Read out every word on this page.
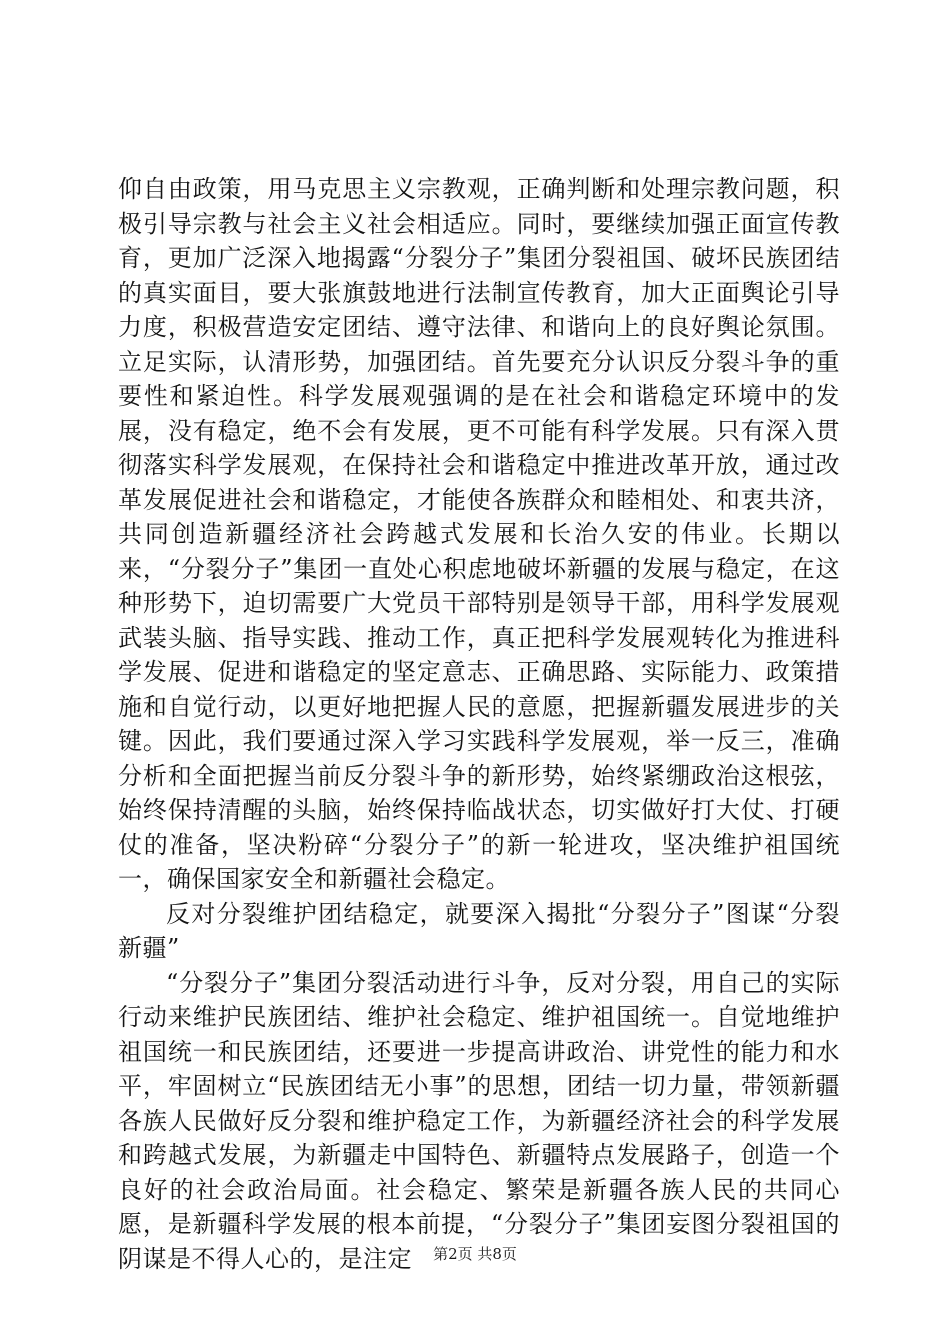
仰自由政策，用马克思主义宗教观，正确判断和处理宗教问题，积极引导宗教与社会主义社会相适应。同时，要继续加强正面宣传教育，更加广泛深入地揭露“分裂分子”集团分裂祖国、破坏民族团结的真实面目，要大张旗鼓地进行法制宣传教育，加大正面舆论引导力度，积极营造安定团结、遵守法律、和谐向上的良好舆论氛围。立足实际，认清形势，加强团结。首先要充分认识反分裂斗争的重要性和紧迫性。科学发展观强调的是在社会和谐稳定环境中的发展，没有稳定，绝不会有发展，更不可能有科学发展。只有深入贯彻落实科学发展观，在保持社会和谐稳定中推进改革开放，通过改革发展促进社会和谐稳定，才能使各族群众和睦相处、和衷共济，共同创造新疆经济社会跨越式发展和长治久安的伟业。长期以来，“分裂分子”集团一直处心积虑地破坏新疆的发展与稳定，在这种形势下，迫切需要广大党员干部特别是领导干部，用科学发展观武装头脑、指导实践、推动工作，真正把科学发展观转化为推进科学发展、促进和谐稳定的坚定意志、正确思路、实际能力、政策措施和自觉行动，以更好地把握人民的意愿，把握新疆发展进步的关键。因此，我们要通过深入学习实践科学发展观，举一反三，准确分析和全面把握当前反分裂斗争的新形势，始终紧绷政治这根弦，始终保持清醒的头脑，始终保持临战状态，切实做好打大仗、打硬仗的准备，坚决粉碎“分裂分子”的新一轮进攻，坚决维护祖国统一，确保国家安全和新疆社会稳定。

反对分裂维护团结稳定，就要深入揭批“分裂分子”图谋“分裂新疆”

“分裂分子”集团分裂活动进行斗争，反对分裂，用自己的实际行动来维护民族团结、维护社会稳定、维护祖国统一。自觉地维护祖国统一和民族团结，还要进一步提高讲政治、讲党性的能力和水平，牢固树立“民族团结无小事”的思想，团结一切力量，带领新疆各族人民做好反分裂和维护稳定工作，为新疆经济社会的科学发展和跨越式发展，为新疆走中国特色、新疆特点发展路子，创造一个良好的社会政治局面。社会稳定、繁荣是新疆各族人民的共同心愿，是新疆科学发展的根本前提，“分裂分子”集团妄图分裂祖国的阴谋是不得人心的，是注定	第2页 共8页
